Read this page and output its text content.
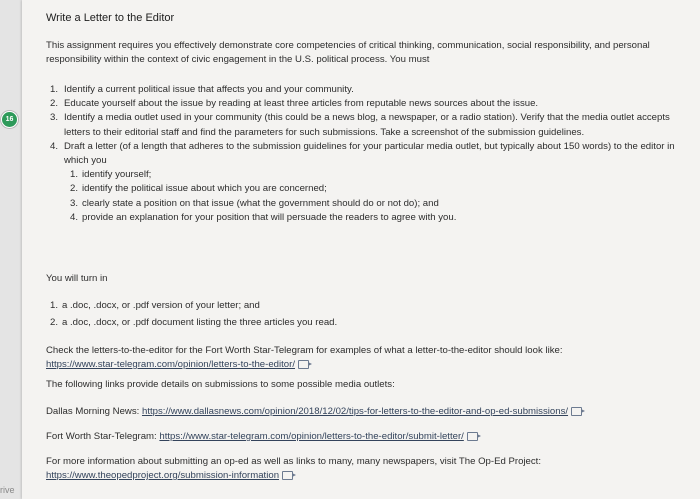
16
rive
Write a Letter to the Editor
This assignment requires you effectively demonstrate core competencies of critical thinking, communication, social responsibility, and personal responsibility within the context of civic engagement in the U.S. political process. You must
1. Identify a current political issue that affects you and your community.
2. Educate yourself about the issue by reading at least three articles from reputable news sources about the issue.
3. Identify a media outlet used in your community (this could be a news blog, a newspaper, or a radio station). Verify that the media outlet accepts letters to their editorial staff and find the parameters for such submissions. Take a screenshot of the submission guidelines.
4. Draft a letter (of a length that adheres to the submission guidelines for your particular media outlet, but typically about 150 words) to the editor in which you
1. identify yourself;
2. identify the political issue about which you are concerned;
3. clearly state a position on that issue (what the government should do or not do); and
4. provide an explanation for your position that will persuade the readers to agree with you.
You will turn in
1. a .doc, .docx, or .pdf version of your letter; and
2. a .doc, .docx, or .pdf document listing the three articles you read.
Check the letters-to-the-editor for the Fort Worth Star-Telegram for examples of what a letter-to-the-editor should look like:
https://www.star-telegram.com/opinion/letters-to-the-editor/
The following links provide details on submissions to some possible media outlets:
Dallas Morning News: https://www.dallasnews.com/opinion/2018/12/02/tips-for-letters-to-the-editor-and-op-ed-submissions/
Fort Worth Star-Telegram: https://www.star-telegram.com/opinion/letters-to-the-editor/submit-letter/
For more information about submitting an op-ed as well as links to many, many newspapers, visit The Op-Ed Project:
https://www.theopedproject.org/submission-information
